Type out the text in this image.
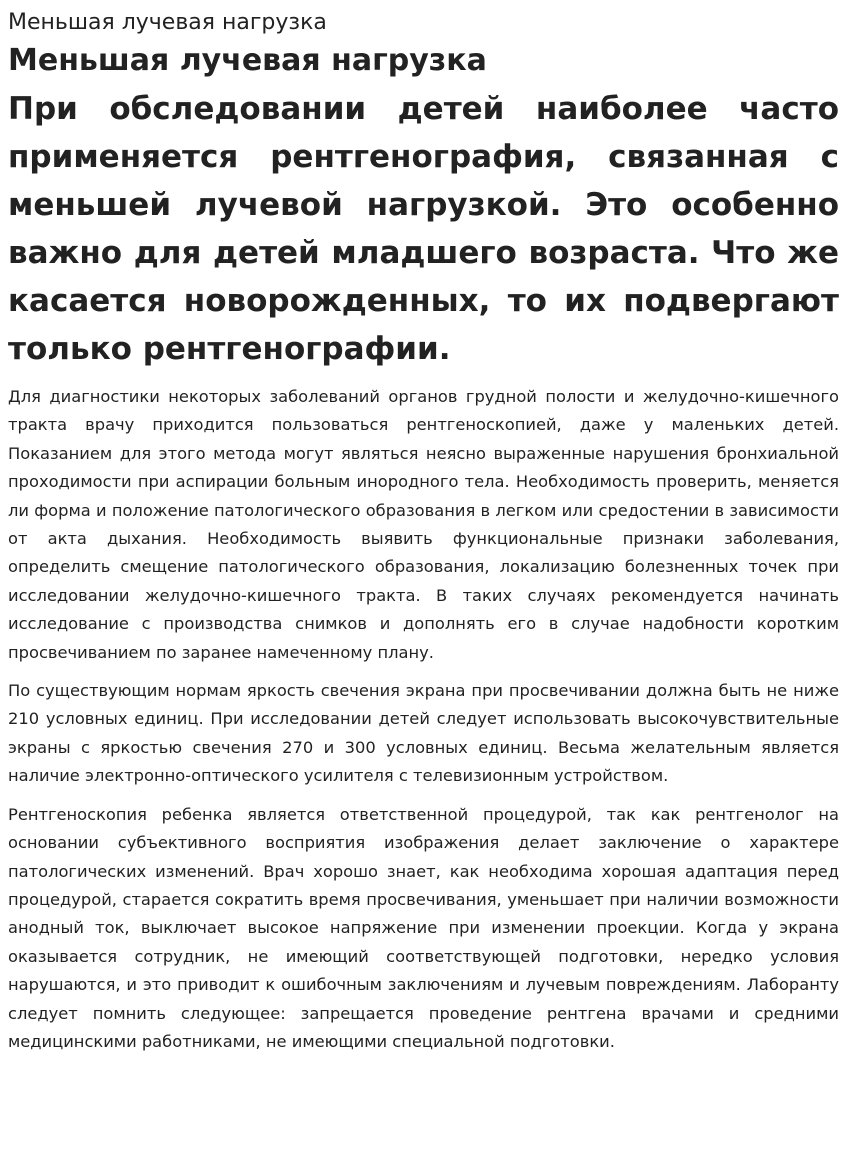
Меньшая лучевая нагрузка
Меньшая лучевая нагрузка

При обследовании детей наиболее часто применяется рентгенография, связанная с меньшей лучевой нагрузкой. Это особенно важно для детей младшего возраста. Что же касается новорожденных, то их подвергают только рентгенографии.

Для диагностики некоторых заболеваний органов грудной полости и желудочно-кишечного тракта врачу приходится пользоваться рентгеноскопией, даже у маленьких детей. Показанием для этого метода могут являться неясно выраженные нарушения бронхиальной проходимости при аспирации больным инородного тела. Необходимость проверить, меняется ли форма и положение патологического образования в легком или средостении в зависимости от акта дыхания. Необходимость выявить функциональные признаки заболевания, определить смещение патологического образования, локализацию болезненных точек при исследовании желудочно-кишечного тракта. В таких случаях рекомендуется начинать исследование с производства снимков и дополнять его в случае надобности коротким просвечиванием по заранее намеченному плану.

По существующим нормам яркость свечения экрана при просвечивании должна быть не ниже 210 условных единиц. При исследовании детей следует использовать высокочувствительные экраны с яркостью свечения 270 и 300 условных единиц. Весьма желательным является наличие электронно-оптического усилителя с телевизионным устройством.

Рентгеноскопия ребенка является ответственной процедурой, так как рентгенолог на основании субъективного восприятия изображения делает заключение о характере патологических изменений. Врач хорошо знает, как необходима хорошая адаптация перед процедурой, старается сократить время просвечивания, уменьшает при наличии возможности анодный ток, выключает высокое напряжение при изменении проекции. Когда у экрана оказывается сотрудник, не имеющий соответствующей подготовки, нередко условия нарушаются, и это приводит к ошибочным заключениям и лучевым повреждениям. Лаборанту следует помнить следующее: запрещается проведение рентгена врачами и средними медицинскими работниками, не имеющими специальной подготовки.
